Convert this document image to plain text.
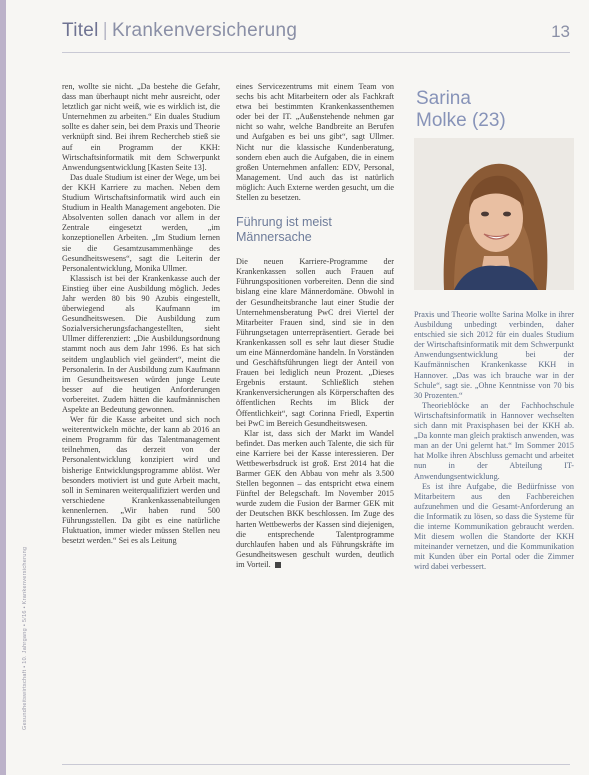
Titel | Krankenversicherung	13
Gesundheitswirtschaft • 10. Jahrgang • 5/16 • Krankenversicherung

ren, wollte sie nicht. „Da bestehe die Gefahr, dass man überhaupt nicht mehr ausreicht, oder letztlich gar nicht weiß, wie es wirklich ist, die Unternehmen zu arbeiten.“ Ein duales Studium sollte es daher sein, bei dem Praxis und Theorie verknüpft sind. Bei ihrem Rechercheb stieß sie auf ein Programm der KKH: Wirtschaftsinformatik mit dem Schwerpunkt Anwendungsentwicklung [Kasten Seite 13].

Das duale Studium ist einer der Wege, um bei der KKH Karriere zu machen. Neben dem Studium Wirtschaftsinformatik wird auch ein Studium in Health Management angeboten. Die Absolventen sollen danach vor allem in der Zentrale eingesetzt werden, „im konzeptionellen Arbeiten. „Im Studium lernen sie die Gesamtzusammenhänge des Gesundheitswesens“, sagt die Leiterin der Personalentwicklung, Monika Ullmer.

Klassisch ist bei der Krankenkasse auch der Einstieg über eine Ausbildung möglich. Jedes Jahr werden 80 bis 90 Azubis eingestellt, überwiegend als Kaufmann im Gesundheitswesen. Die Ausbildung zum Sozialversicherungsfachangestellten, sieht Ullmer differenziert: „Die Ausbildungsordnung stammt noch aus dem Jahr 1996. Es hat sich seitdem unglaublich viel geändert“, meint die Personalerin. In der Ausbildung zum Kaufmann im Gesundheitswesen würden junge Leute besser auf die heutigen Anforderungen vorbereitet. Zudem hätten die kaufmännischen Aspekte an Bedeutung gewonnen.

Wer für die Kasse arbeitet und sich noch weiterentwickeln möchte, der kann ab 2016 an einem Programm für das Talentmanagement teilnehmen, das derzeit von der Personalentwicklung konzipiert wird und bisherige Entwicklungsprogramme ablöst. Wer besonders motiviert ist und gute Arbeit macht, soll in Seminaren weiterqualifiziert werden und verschiedene Krankenkassenabteilungen kennenlernen. „Wir haben rund 500 Führungsstellen. Da gibt es eine natürliche Fluktuation, immer wieder müssen Stellen neu besetzt werden.“ Sei es als Leitung

eines Servicezentrums mit einem Team von sechs bis acht Mitarbeitern oder als Fachkraft etwa bei bestimmten Krankenkassenthemen oder bei der IT. „Außenstehende nehmen gar nicht so wahr, welche Bandbreite an Berufen und Aufgaben es bei uns gibt“, sagt Ullmer. Nicht nur die klassische Kundenberatung, sondern eben auch die Aufgaben, die in einem großen Unternehmen anfallen: EDV, Personal, Management. Und auch das ist natürlich möglich: Auch Externe werden gesucht, um die Stellen zu besetzen.

Führung ist meist Männersache

Die neuen Karriere-Programme der Krankenkassen sollen auch Frauen auf Führungspositionen vorbereiten. Denn die sind bislang eine klare Männerdomäne. Obwohl in der Gesundheitsbranche laut einer Studie der Unternehmensberatung PwC drei Viertel der Mitarbeiter Frauen sind, sind sie in den Führungsetagen unterrepräsentiert. Gerade bei Krankenkassen soll es sehr laut dieser Studie um eine Männerdomäne handeln. In Vorständen und Geschäftsführungen liegt der Anteil von Frauen bei lediglich neun Prozent. „Dieses Ergebnis erstaunt. Schließlich stehen Krankenversicherungen als Körperschaften des öffentlichen Rechts im Blick der Öffentlichkeit“, sagt Corinna Friedl, Expertin bei PwC im Bereich Gesundheitswesen.

Klar ist, dass sich der Markt im Wandel befindet. Das merken auch Talente, die sich für eine Karriere bei der Kasse interessieren. Der Wettbewerbsdruck ist groß. Erst 2014 hat die Barmer GEK den Abbau von mehr als 3.500 Stellen begonnen – das entspricht etwa einem Fünftel der Belegschaft. Im November 2015 wurde zudem die Fusion der Barmer GEK mit der Deutschen BKK beschlossen. Im Zuge des harten Wettbewerbs der Kassen sind diejenigen, die entsprechende Talentprogramme durchlaufen haben und als Führungskräfte im Gesundheitswesen geschult wurden, deutlich im Vorteil.

Sarina
Molke (23)

Praxis und Theorie wollte Sarina Molke in ihrer Ausbildung unbedingt verbinden, daher entschied sie sich 2012 für ein duales Studium der Wirtschaftsinformatik mit dem Schwerpunkt Anwendungsentwicklung bei der Kaufmännischen Krankenkasse KKH in Hannover. „Das was ich brauche war in der Schule“, sagt sie. „Ohne Kenntnisse von 70 bis 30 Prozenten.“

Theorieblöcke an der Fachhochschule Wirtschaftsinformatik in Hannover wechselten sich dann mit Praxisphasen bei der KKH ab. „Da konnte man gleich praktisch anwenden, was man an der Uni gelernt hat.“ Im Sommer 2015 hat Molke ihren Abschluss gemacht und arbeitet nun in der Abteilung IT-Anwendungsentwicklung.

Es ist ihre Aufgabe, die Bedürfnisse von Mitarbeitern aus den Fachbereichen aufzunehmen und die Gesamt-Anforderung an die Informatik zu lösen, so dass die Systeme für die interne Kommunikation gebraucht werden. Mit diesem wollen die Standorte der KKH miteinander vernetzen, und die Kommunikation mit Kunden über ein Portal oder die Zimmer wird dabei verbessert.
